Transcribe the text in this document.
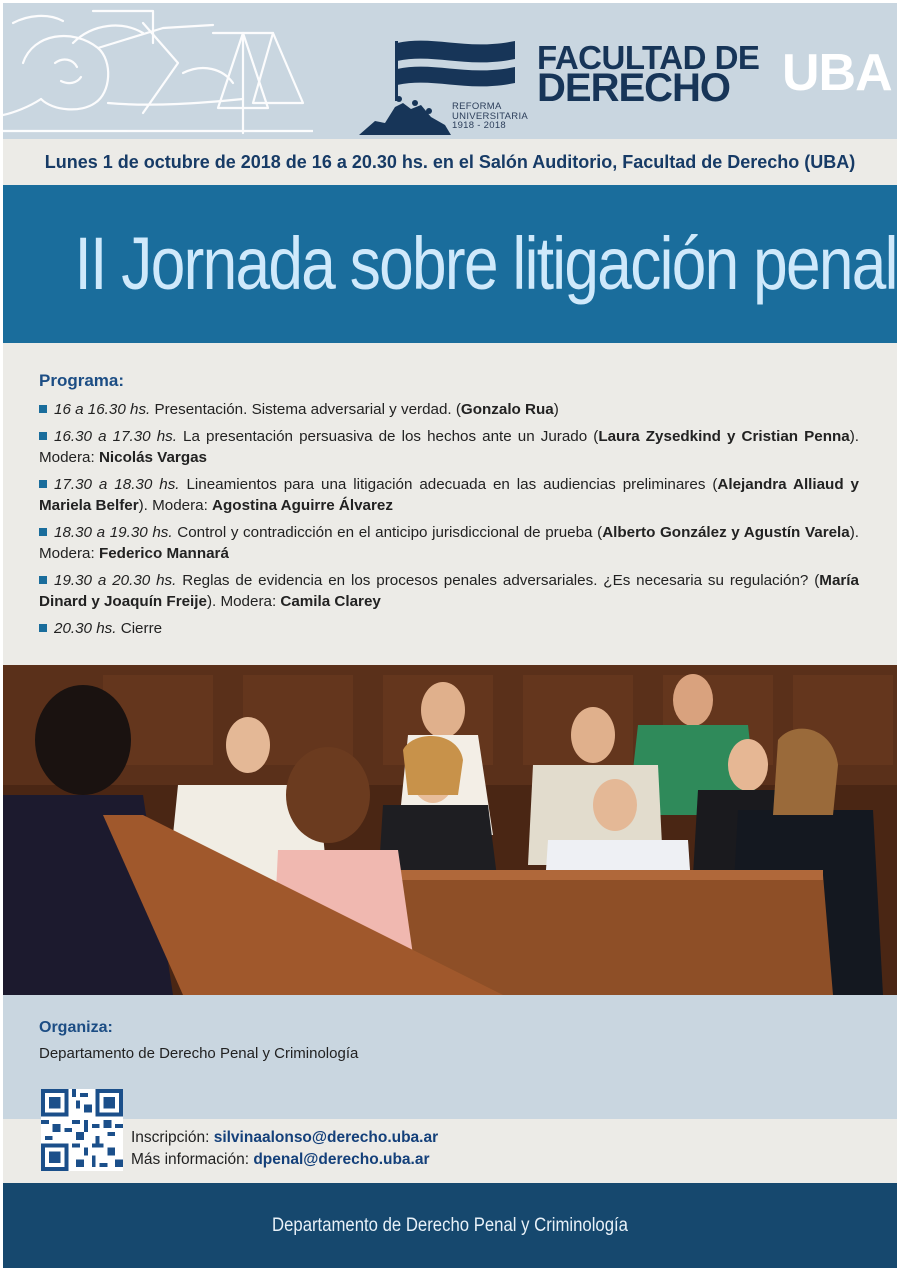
REFORMA
UNIVERSITARIA
1918 - 2018
FACULTAD DE
DERECHO UBA
Lunes 1 de octubre de 2018 de 16 a 20.30 hs. en el Salón Auditorio, Facultad de Derecho (UBA)
II Jornada sobre litigación penal
Programa:
16 a 16.30 hs. Presentación. Sistema adversarial y verdad. (Gonzalo Rua)
16.30 a 17.30 hs. La presentación persuasiva de los hechos ante un Jurado (Laura Zysedkind y Cristian Penna). Modera: Nicolás Vargas
17.30 a 18.30 hs. Lineamientos para una litigación adecuada en las audiencias preliminares (Alejandra Alliaud y Mariela Belfer). Modera: Agostina Aguirre Álvarez
18.30 a 19.30 hs. Control y contradicción en el anticipo jurisdiccional de prueba (Alberto González y Agustín Varela). Modera: Federico Mannará
19.30 a 20.30 hs. Reglas de evidencia en los procesos penales adversariales. ¿Es necesaria su regulación? (María Dinard y Joaquín Freije). Modera: Camila Clarey
20.30 hs. Cierre
Organiza:
Departamento de Derecho Penal y Criminología
Inscripción: silvinaalonso@derecho.uba.ar
Más información: dpenal@derecho.uba.ar
Departamento de Derecho Penal y Criminología
